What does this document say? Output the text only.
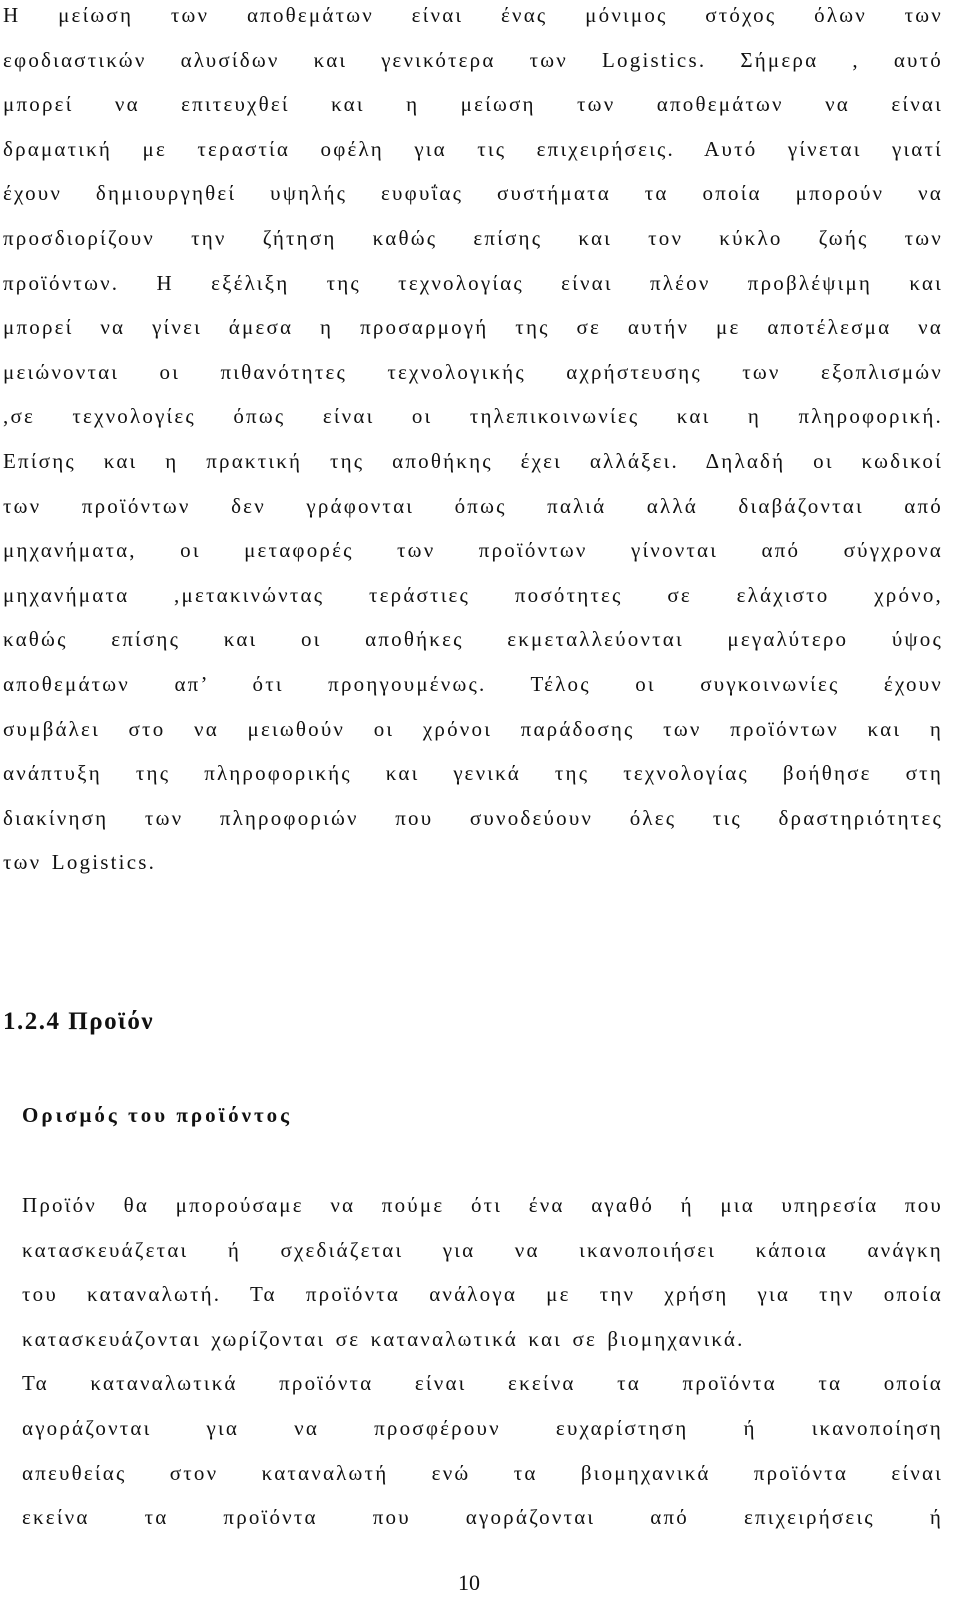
Η μείωση των αποθεμάτων είναι ένας μόνιμος στόχος όλων των
εφοδιαστικών αλυσίδων και γενικότερα των Logistics. Σήμερα , αυτό
μπορεί να επιτευχθεί και η μείωση των αποθεμάτων να είναι
δραματική με τεραστία οφέλη για τις επιχειρήσεις. Αυτό γίνεται γιατί
έχουν δημιουργηθεί υψηλής ευφυΐας συστήματα τα οποία μπορούν να
προσδιορίζουν την ζήτηση καθώς επίσης και τον κύκλο ζωής των
προϊόντων. Η εξέλιξη της τεχνολογίας είναι πλέον προβλέψιμη και
μπορεί να γίνει άμεσα η προσαρμογή της σε αυτήν με αποτέλεσμα να
μειώνονται οι πιθανότητες τεχνολογικής αχρήστευσης των εξοπλισμών
,σε τεχνολογίες όπως είναι οι τηλεπικοινωνίες και η πληροφορική.
Επίσης και η πρακτική της αποθήκης έχει αλλάξει. Δηλαδή οι κωδικοί
των προϊόντων δεν γράφονται όπως παλιά αλλά διαβάζονται από
μηχανήματα, οι μεταφορές των προϊόντων γίνονται από σύγχρονα
μηχανήματα ,μετακινώντας τεράστιες ποσότητες σε ελάχιστο χρόνο,
καθώς επίσης και οι αποθήκες εκμεταλλεύονται μεγαλύτερο ύψος
αποθεμάτων απ’ ότι προηγουμένως. Τέλος οι συγκοινωνίες έχουν
συμβάλει στο να μειωθούν οι χρόνοι παράδοσης των προϊόντων και η
ανάπτυξη της πληροφορικής και γενικά της τεχνολογίας βοήθησε στη
διακίνηση των πληροφοριών που συνοδεύουν όλες τις δραστηριότητες
των Logistics.
1.2.4 Προϊόν
Ορισμός του προϊόντος
Προϊόν θα μπορούσαμε να πούμε ότι ένα αγαθό ή μια υπηρεσία που
κατασκευάζεται ή σχεδιάζεται για να ικανοποιήσει κάποια ανάγκη
του καταναλωτή. Τα προϊόντα ανάλογα με την χρήση για την οποία
κατασκευάζονται χωρίζονται σε καταναλωτικά και σε βιομηχανικά.
Τα καταναλωτικά προϊόντα είναι εκείνα τα προϊόντα τα οποία
αγοράζονται για να προσφέρουν ευχαρίστηση ή ικανοποίηση
απευθείας στον καταναλωτή ενώ τα βιομηχανικά προϊόντα είναι
εκείνα τα προϊόντα που αγοράζονται από επιχειρήσεις ή
10
